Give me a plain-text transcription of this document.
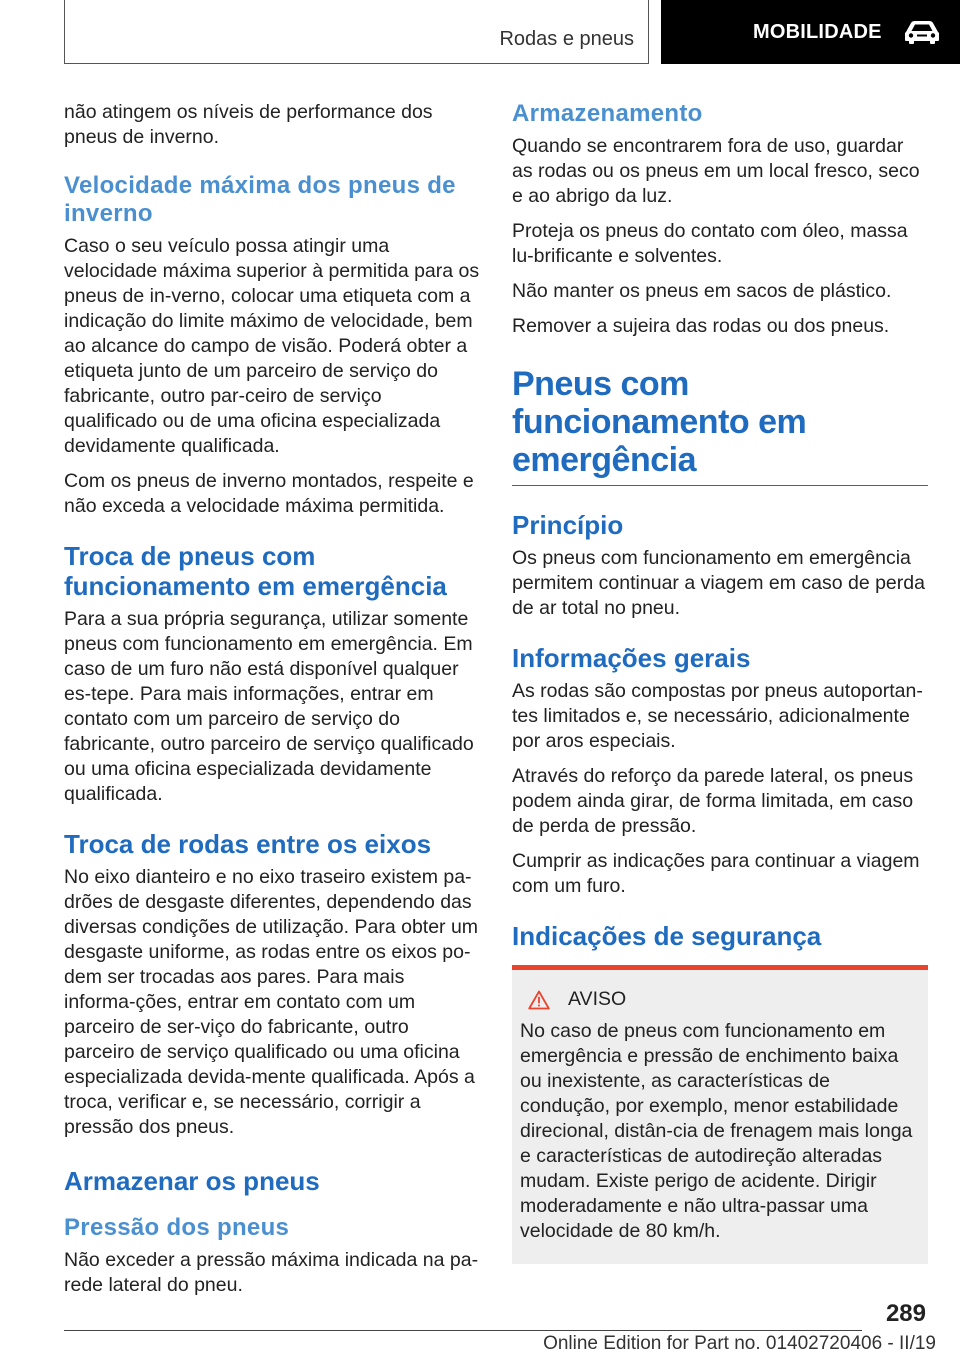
Rodas e pneus	MOBILIDADE

não atingem os níveis de performance dos pneus de inverno.

Velocidade máxima dos pneus de inverno

Caso o seu veículo possa atingir uma velocidade máxima superior à permitida para os pneus de in-verno, colocar uma etiqueta com a indicação do limite máximo de velocidade, bem ao alcance do campo de visão. Poderá obter a etiqueta junto de um parceiro de serviço do fabricante, outro par-ceiro de serviço qualificado ou de uma oficina especializada devidamente qualificada.

Com os pneus de inverno montados, respeite e não exceda a velocidade máxima permitida.

Troca de pneus com funcionamento em emergência

Para a sua própria segurança, utilizar somente pneus com funcionamento em emergência. Em caso de um furo não está disponível qualquer es-tepe. Para mais informações, entrar em contato com um parceiro de serviço do fabricante, outro parceiro de serviço qualificado ou uma oficina especializada devidamente qualificada.

Troca de rodas entre os eixos

No eixo dianteiro e no eixo traseiro existem pa-drões de desgaste diferentes, dependendo das diversas condições de utilização. Para obter um desgaste uniforme, as rodas entre os eixos po-dem ser trocadas aos pares. Para mais informa-ções, entrar em contato com um parceiro de ser-viço do fabricante, outro parceiro de serviço qualificado ou uma oficina especializada devida-mente qualificada. Após a troca, verificar e, se necessário, corrigir a pressão dos pneus.

Armazenar os pneus
Pressão dos pneus

Não exceder a pressão máxima indicada na pa-rede lateral do pneu.

Armazenamento

Quando se encontrarem fora de uso, guardar as rodas ou os pneus em um local fresco, seco e ao abrigo da luz.

Proteja os pneus do contato com óleo, massa lu-brificante e solventes.

Não manter os pneus em sacos de plástico.

Remover a sujeira das rodas ou dos pneus.

Pneus com funcionamento em emergência
Princípio

Os pneus com funcionamento em emergência permitem continuar a viagem em caso de perda de ar total no pneu.

Informações gerais

As rodas são compostas por pneus autoportan-tes limitados e, se necessário, adicionalmente por aros especiais.

Através do reforço da parede lateral, os pneus podem ainda girar, de forma limitada, em caso de perda de pressão.

Cumprir as indicações para continuar a viagem com um furo.

Indicações de segurança
AVISO

No caso de pneus com funcionamento em emergência e pressão de enchimento baixa ou inexistente, as características de condução, por exemplo, menor estabilidade direcional, distân-cia de frenagem mais longa e características de autodireção alteradas mudam. Existe perigo de acidente. Dirigir moderadamente e não ultra-passar uma velocidade de 80 km/h.

289
Online Edition for Part no. 01402720406 - II/19
